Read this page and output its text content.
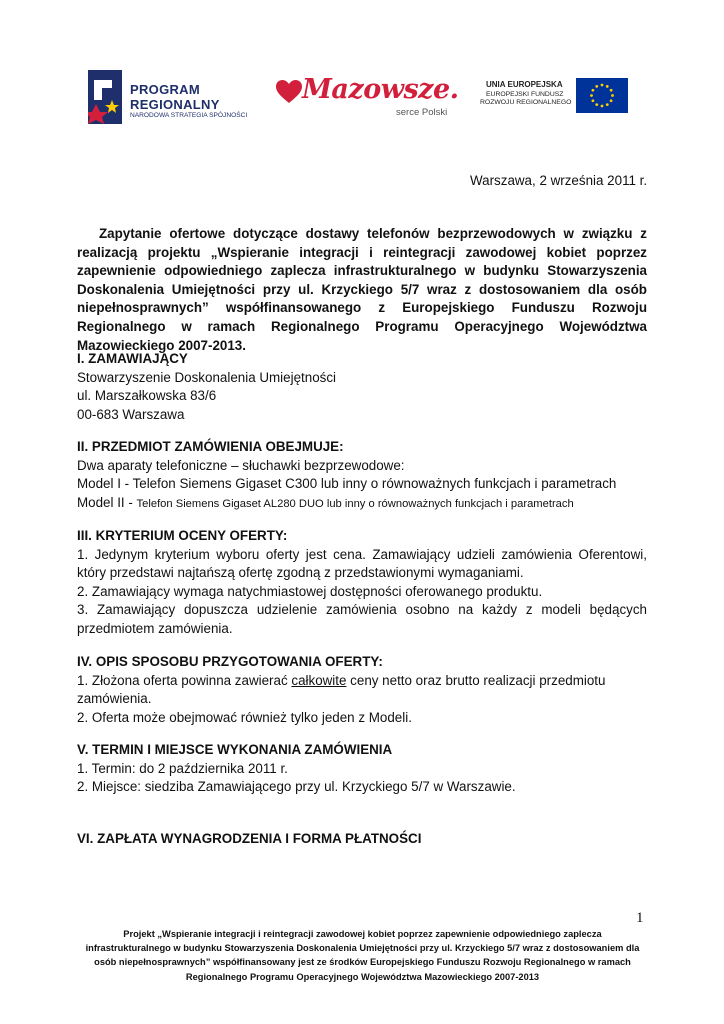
PROGRAM
REGIONALNY
NARODOWA STRATEGIA SPÓJNOŚCI
Mazowsze.
serce Polski
UNIA EUROPEJSKA
EUROPEJSKI FUNDUSZ
ROZWOJU REGIONALNEGO
Warszawa, 2 września 2011 r.
Zapytanie ofertowe dotyczące dostawy telefonów bezprzewodowych w związku z realizacją projektu „Wspieranie integracji i reintegracji zawodowej kobiet poprzez zapewnienie odpowiedniego zaplecza infrastrukturalnego w budynku Stowarzyszenia Doskonalenia Umiejętności przy ul. Krzyckiego 5/7 wraz z dostosowaniem dla osób niepełnosprawnych” współfinansowanego z Europejskiego Funduszu Rozwoju Regionalnego w ramach Regionalnego Programu Operacyjnego Województwa Mazowieckiego 2007-2013.
I. ZAMAWIAJĄCY
Stowarzyszenie Doskonalenia Umiejętności
ul. Marszałkowska 83/6
00-683 Warszawa
II. PRZEDMIOT ZAMÓWIENIA OBEJMUJE:
Dwa aparaty telefoniczne – słuchawki bezprzewodowe:
Model I - Telefon Siemens Gigaset C300 lub inny o równoważnych funkcjach i parametrach
Model II - Telefon Siemens Gigaset AL280 DUO lub inny o równoważnych funkcjach i parametrach
III. KRYTERIUM OCENY OFERTY:
1. Jedynym kryterium wyboru oferty jest cena. Zamawiający udzieli zamówienia Oferentowi, który przedstawi najtańszą ofertę zgodną z przedstawionymi wymaganiami.
2. Zamawiający wymaga natychmiastowej dostępności oferowanego produktu.
3. Zamawiający dopuszcza udzielenie zamówienia osobno na każdy z modeli będących przedmiotem zamówienia.
IV. OPIS SPOSOBU PRZYGOTOWANIA OFERTY:
1. Złożona oferta powinna zawierać całkowite ceny netto oraz brutto realizacji przedmiotu zamówienia.
2. Oferta może obejmować również tylko jeden z Modeli.
V. TERMIN I MIEJSCE WYKONANIA ZAMÓWIENIA
1. Termin: do 2 października 2011 r.
2. Miejsce: siedziba Zamawiającego przy ul. Krzyckiego 5/7 w Warszawie.
VI. ZAPŁATA WYNAGRODZENIA I FORMA PŁATNOŚCI
1
Projekt „Wspieranie integracji i reintegracji zawodowej kobiet poprzez zapewnienie odpowiedniego zaplecza infrastrukturalnego w budynku Stowarzyszenia Doskonalenia Umiejętności przy ul. Krzyckiego 5/7 wraz z dostosowaniem dla osób niepełnosprawnych” współfinansowany jest ze środków Europejskiego Funduszu Rozwoju Regionalnego w ramach Regionalnego Programu Operacyjnego Województwa Mazowieckiego 2007-2013
